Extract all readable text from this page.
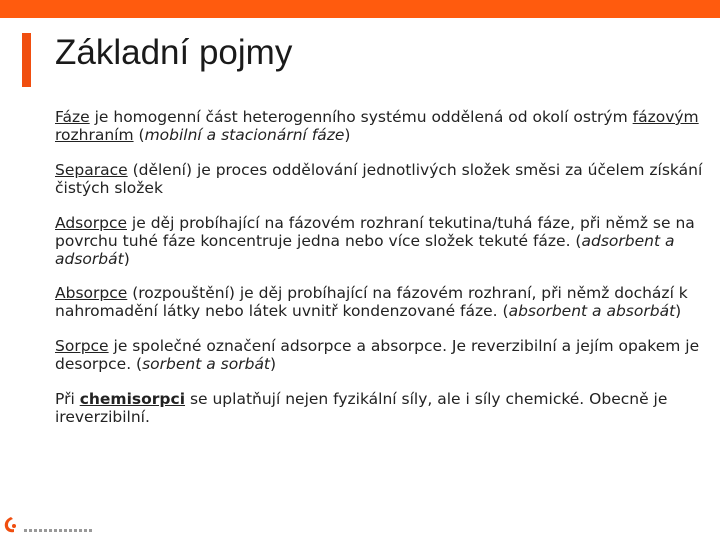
Základní pojmy

Fáze je homogenní část heterogenního systému oddělená od okolí ostrým fázovým rozhraním (mobilní a stacionární fáze)

Separace (dělení) je proces oddělování jednotlivých složek směsi za účelem získání čistých složek

Adsorpce je děj probíhající na fázovém rozhraní tekutina/tuhá fáze, při němž se na povrchu tuhé fáze koncentruje jedna nebo více složek tekuté fáze. (adsorbent a adsorbát)

Absorpce (rozpouštění) je děj probíhající na fázovém rozhraní, při němž dochází k nahromadění látky nebo látek uvnitř kondenzované fáze. (absorbent a absorbát)

Sorpce je společné označení adsorpce a absorpce. Je reverzibilní a jejím opakem je desorpce. (sorbent a sorbát)

Při chemisorpci se uplatňují nejen fyzikální síly, ale i síly chemické. Obecně je ireverzibilní.
